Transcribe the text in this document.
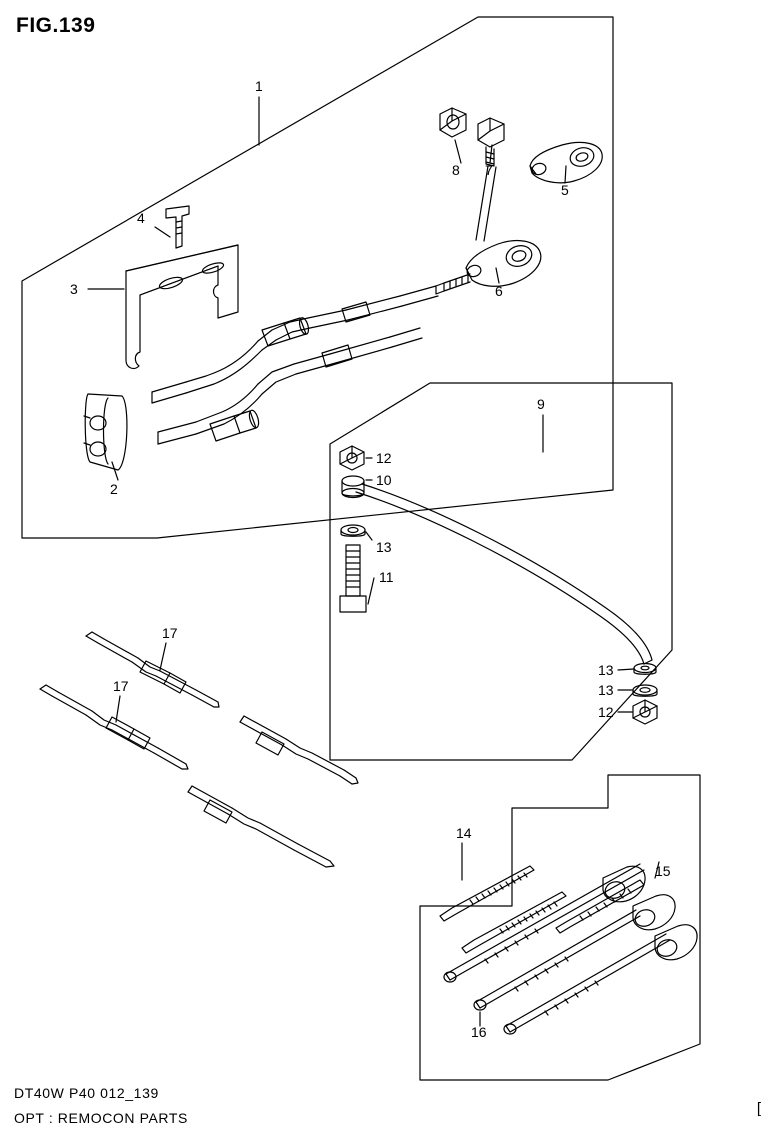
FIG.139
1
2
3
4
5
6
7
8
9
10
11
12
13
13
13
12
14
15
16
17
17
DT40W P40 012_139
OPT : REMOCON PARTS
[
